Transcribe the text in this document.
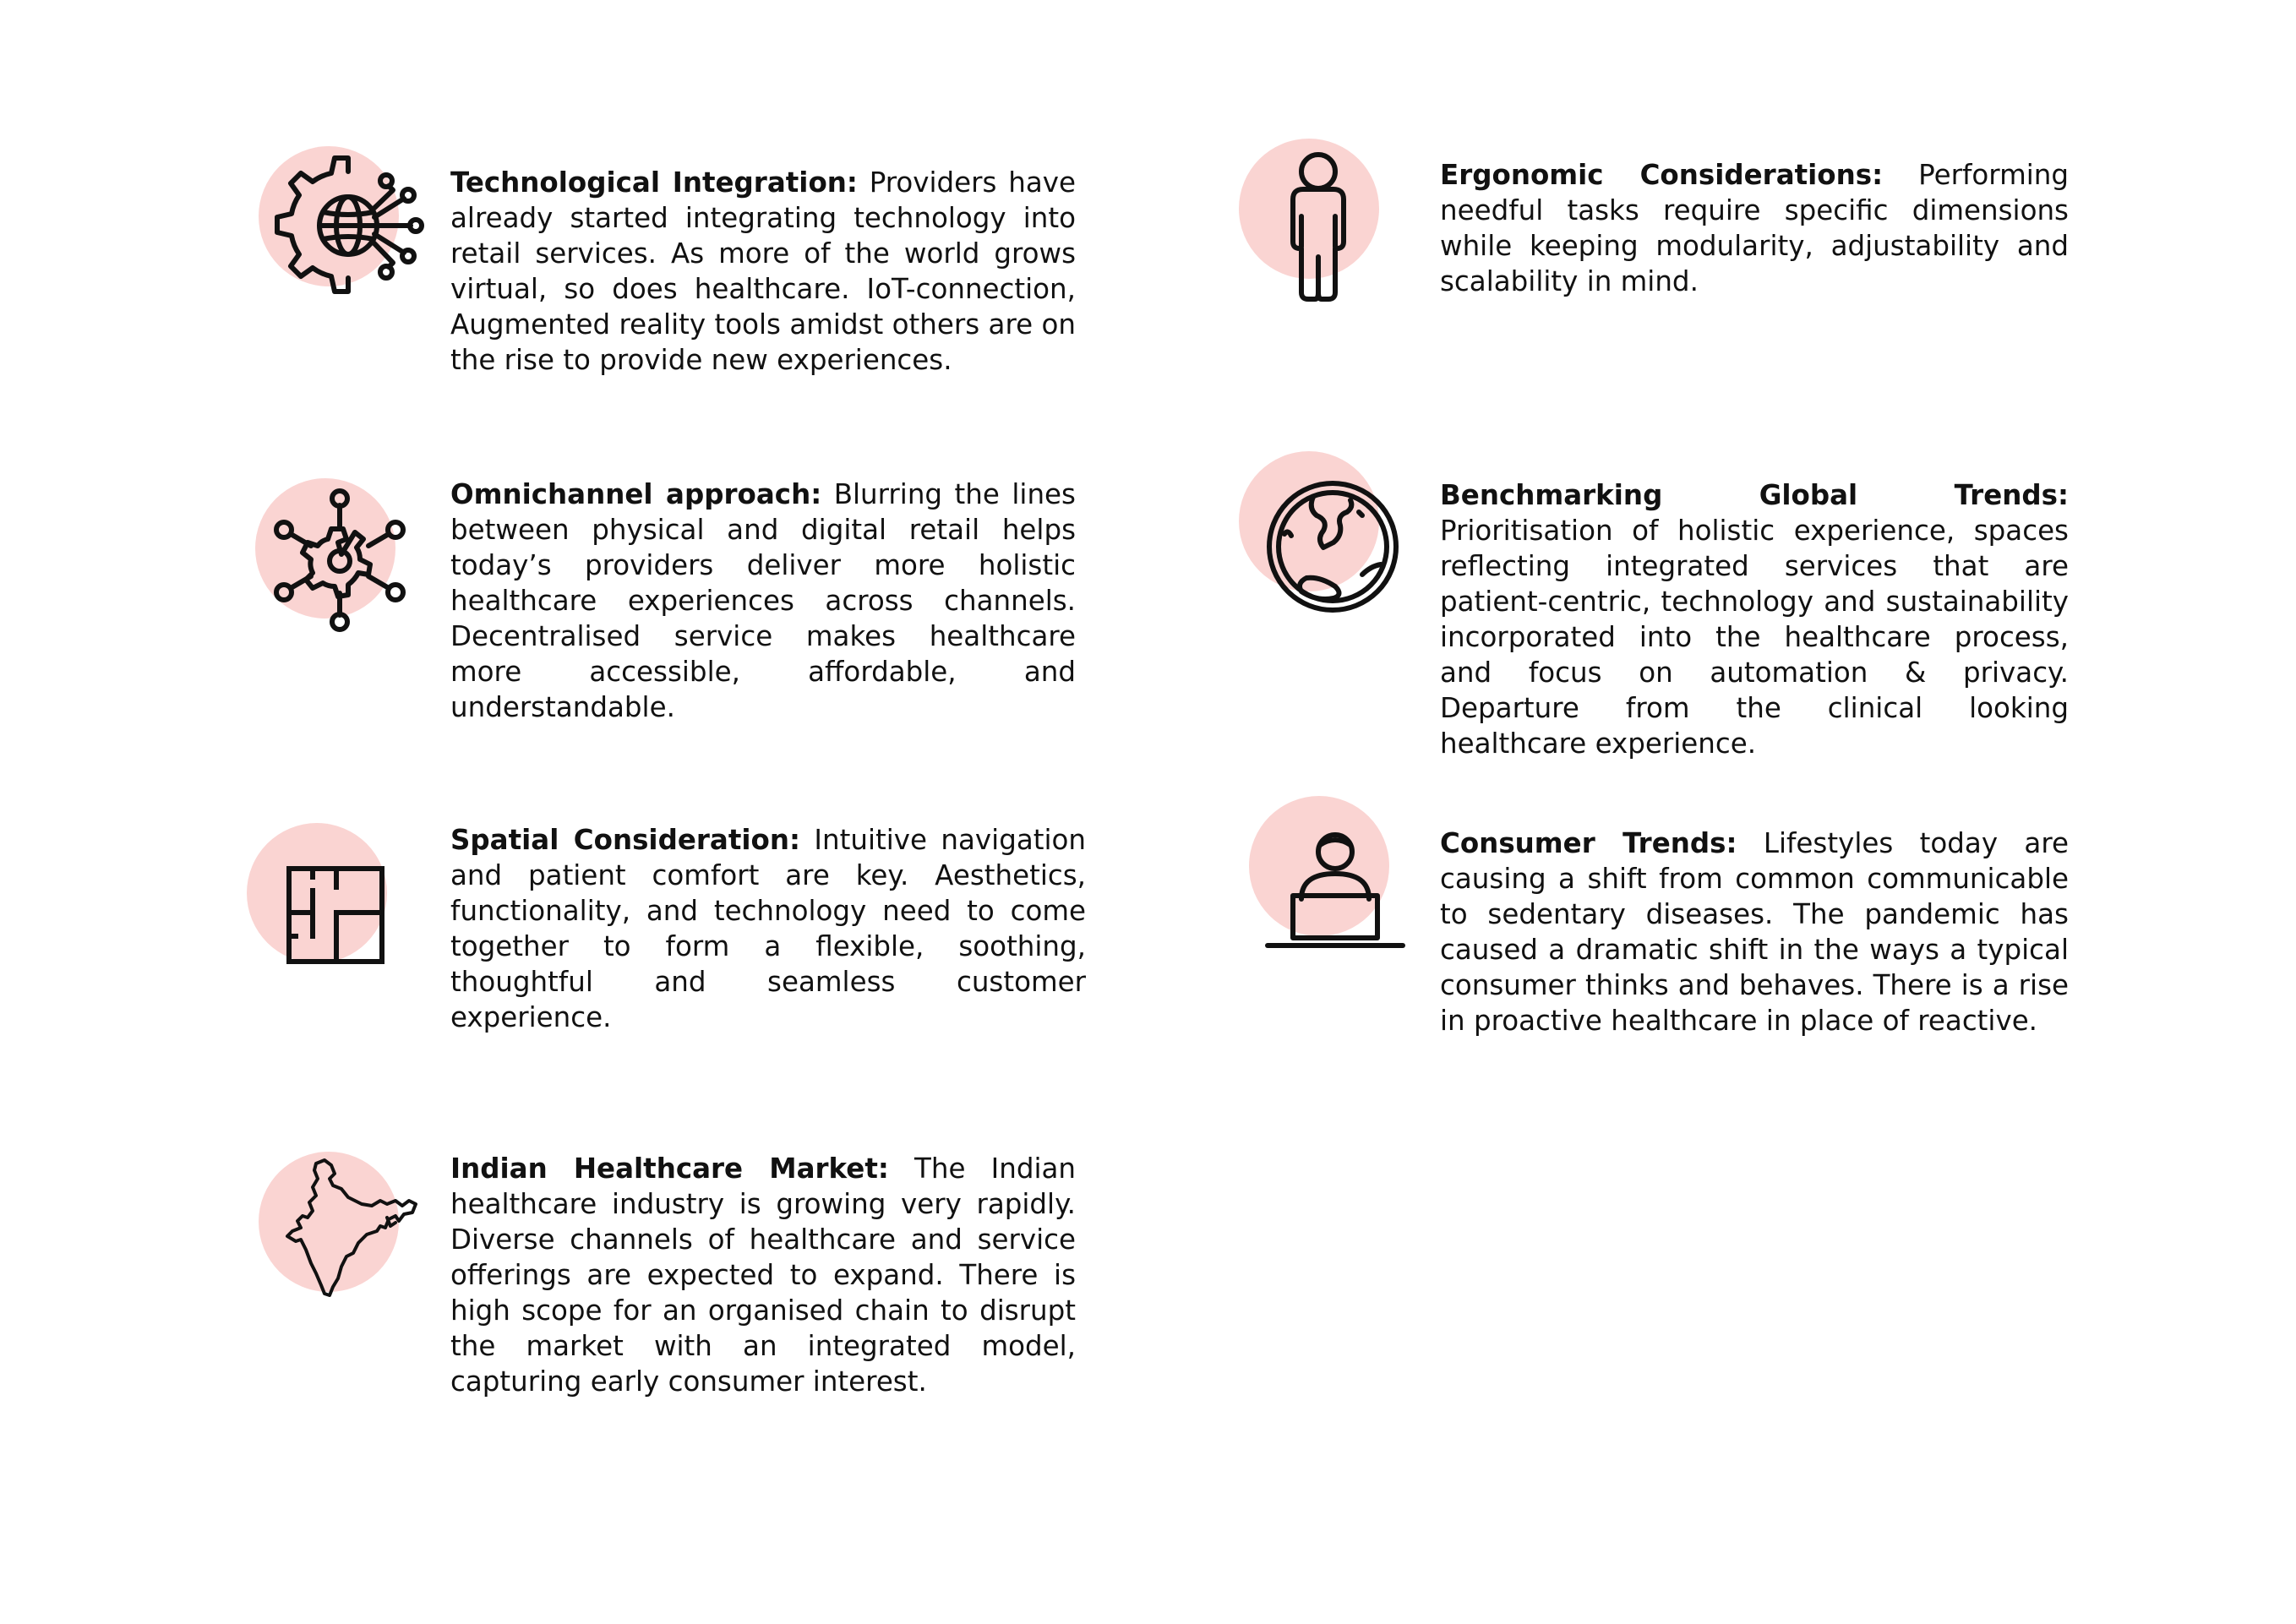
Technological Integration: Providers have already started integrating technology into retail services. As more of the world grows virtual, so does healthcare. IoT-connection, Augmented reality tools amidst others are on the rise to provide new experiences.
Ergonomic Considerations: Performing needful tasks require specific dimensions while keeping modularity, adjustability and scalability in mind.
Omnichannel approach: Blurring the lines between physical and digital retail helps today’s providers deliver more holistic healthcare experiences across channels. Decentralised service makes healthcare more accessible, affordable, and understandable.
Benchmarking Global Trends: Prioritisation of holistic experience, spaces reflecting integrated services that are patient-centric, technology and sustainability incorporated into the healthcare process, and focus on automation & privacy. Departure from the clinical looking healthcare experience.
Spatial Consideration: Intuitive navigation and patient comfort are key. Aesthetics, functionality, and technology need to come together to form a flexible, soothing, thoughtful and seamless customer experience.
Consumer Trends: Lifestyles today are causing a shift from common communicable to sedentary diseases. The pandemic has caused a dramatic shift in the ways a typical consumer thinks and behaves. There is a rise in proactive healthcare in place of reactive.
Indian Healthcare Market: The Indian healthcare industry is growing very rapidly. Diverse channels of healthcare and service offerings are expected to expand. There is high scope for an organised chain to disrupt the market with an integrated model, capturing early consumer interest.
